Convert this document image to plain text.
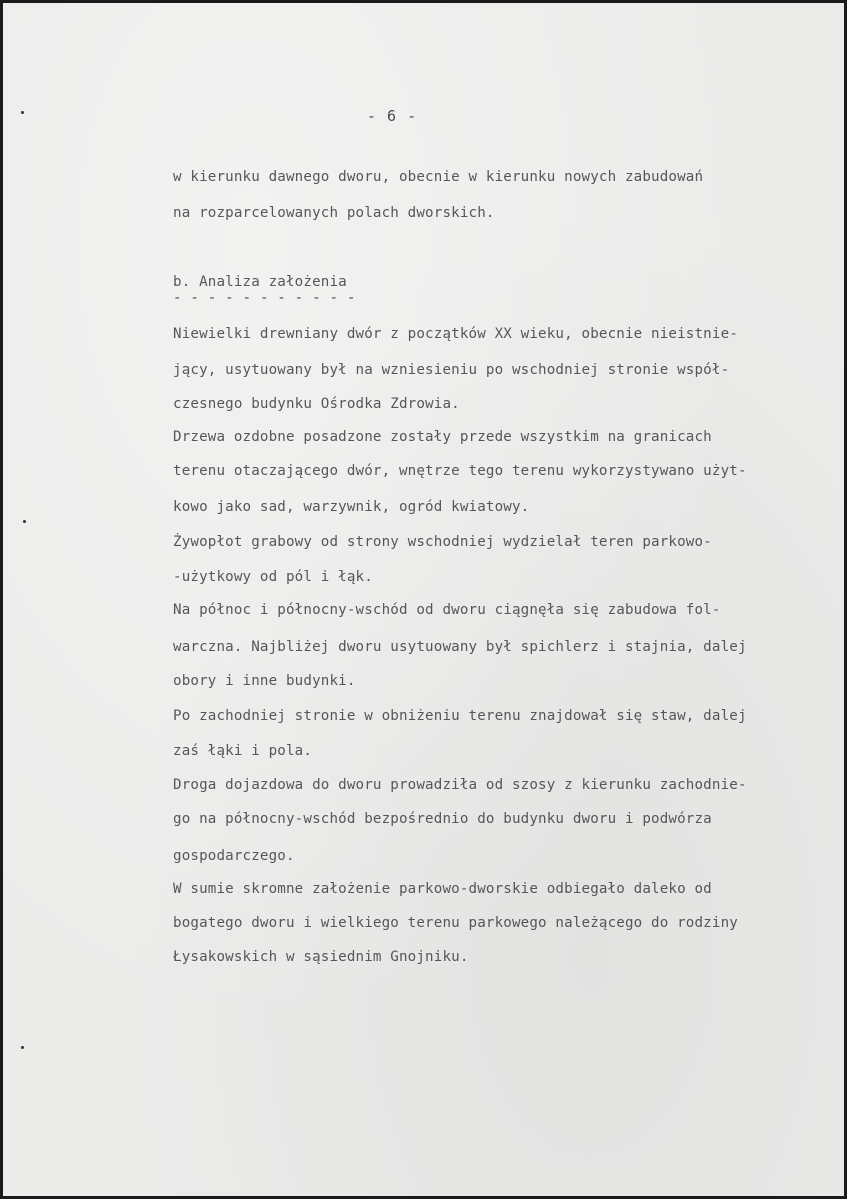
- 6 -
w kierunku dawnego dworu, obecnie w kierunku nowych zabudowań
na rozparcelowanych polach dworskich.
b. Analiza założenia
- - - - - - - - - - -
Niewielki drewniany dwór z początków XX wieku, obecnie nieistnie-
jący, usytuowany był na wzniesieniu po wschodniej stronie współ-
czesnego budynku Ośrodka Zdrowia.
Drzewa ozdobne posadzone zostały przede wszystkim na granicach
terenu otaczającego dwór, wnętrze tego terenu wykorzystywano użyt-
kowo jako sad, warzywnik, ogród kwiatowy.
Żywopłot grabowy od strony wschodniej wydzielał teren parkowo-
-użytkowy od pól i łąk.
Na północ i północny-wschód od dworu ciągnęła się zabudowa fol-
warczna. Najbliżej dworu usytuowany był spichlerz i stajnia, dalej
obory i inne budynki.
Po zachodniej stronie w obniżeniu terenu znajdował się staw, dalej
zaś łąki i pola.
Droga dojazdowa do dworu prowadziła od szosy z kierunku zachodnie-
go na północny-wschód bezpośrednio do budynku dworu i podwórza
gospodarczego.
W sumie skromne założenie parkowo-dworskie odbiegało daleko od
bogatego dworu i wielkiego terenu parkowego należącego do rodziny
Łysakowskich w sąsiednim Gnojniku.
